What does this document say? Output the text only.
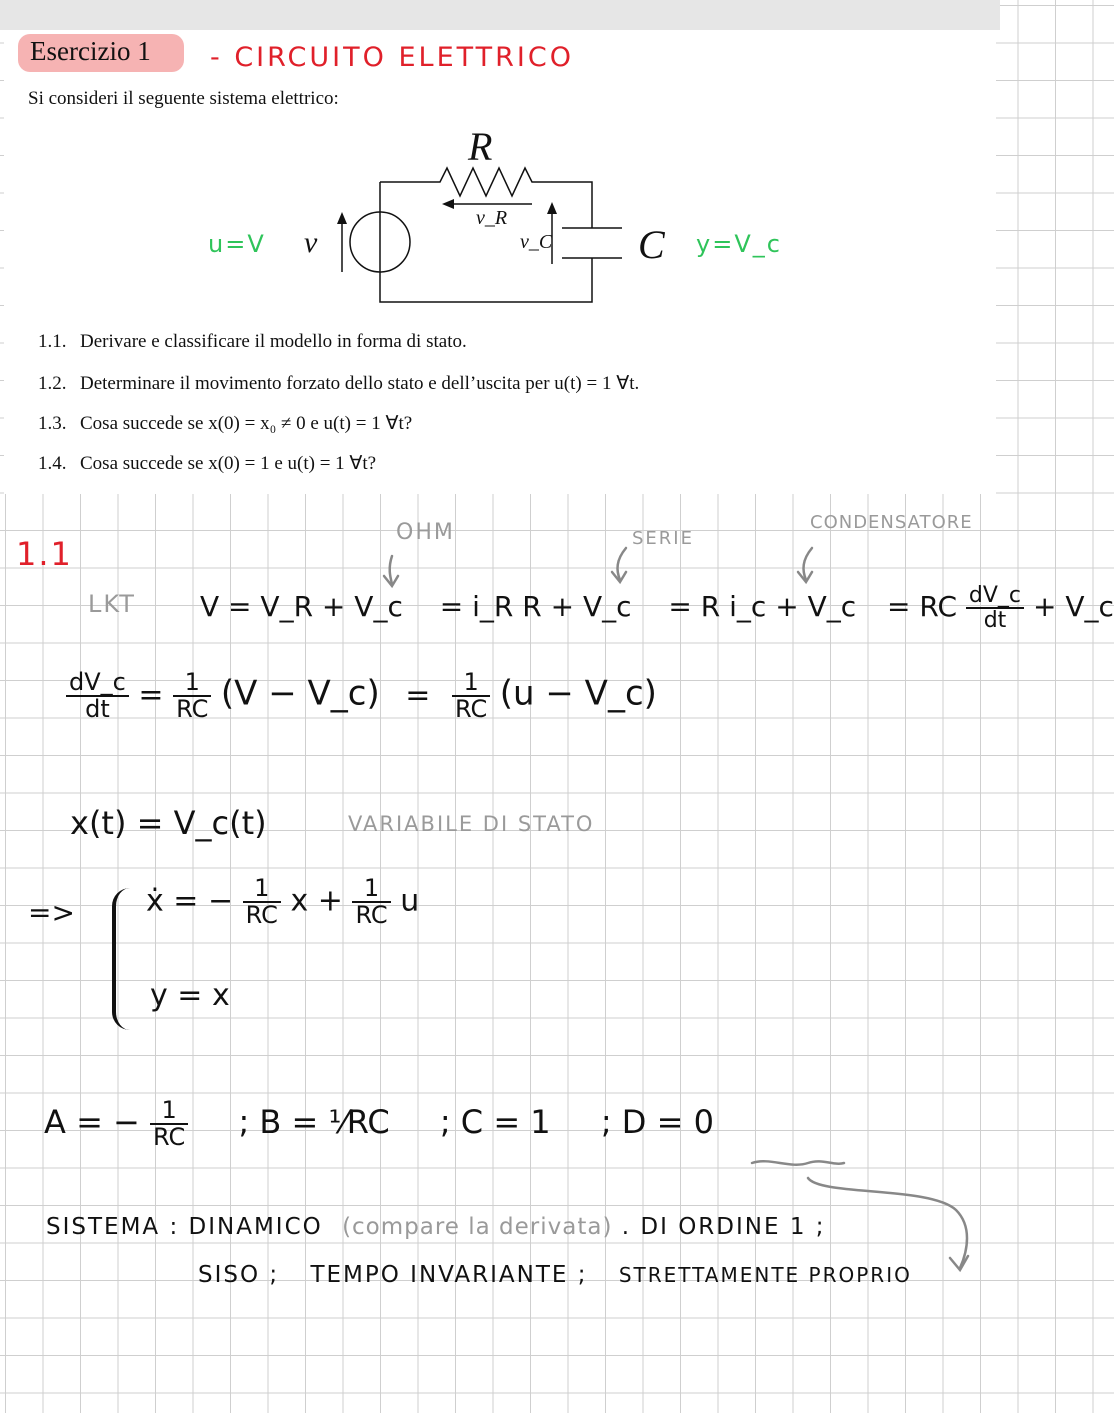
Esercizio 1 - CIRCUITO ELETTRICO
Si consideri il seguente sistema elettrico:
R
C
v
v_R
v_C
u=V	y=V_c
1.1. Derivare e classificare il modello in forma di stato.
1.2. Determinare il movimento forzato dello stato e dell’uscita per u(t) = 1 ∀t.
1.3. Cosa succede se x(0) = x₀ ≠ 0 e u(t) = 1 ∀t?
1.4. Cosa succede se x(0) = 1 e u(t) = 1 ∀t?
1.1
OHM	SERIE
CONDENSATORE
LKT V = V_R + V_c = i_R R + V_c = R i_c + V_c = RC $\frac{dV\_c}{dt}$ + V_c
$\frac{dV\_c}{dt} = \frac{1}{RC} (V$ − V_c) = $\frac{1}{RC} (u$ − V_c)
x(t) = V_c(t)	VARIABILE DI STATO
=> ẋ = − $\frac{1}{RC}$ $x + \frac{1}{RC}$ u
y = x
A = − $\frac{1}{RC}$ ; B = ¹⁄RC ; C = 1 ; D = 0
SISTEMA : DINAMICO (compare la derivata) . DI ORDINE 1 ;
SISO ; TEMPO INVARIANTE ; STRETTAMENTE PROPRIO
